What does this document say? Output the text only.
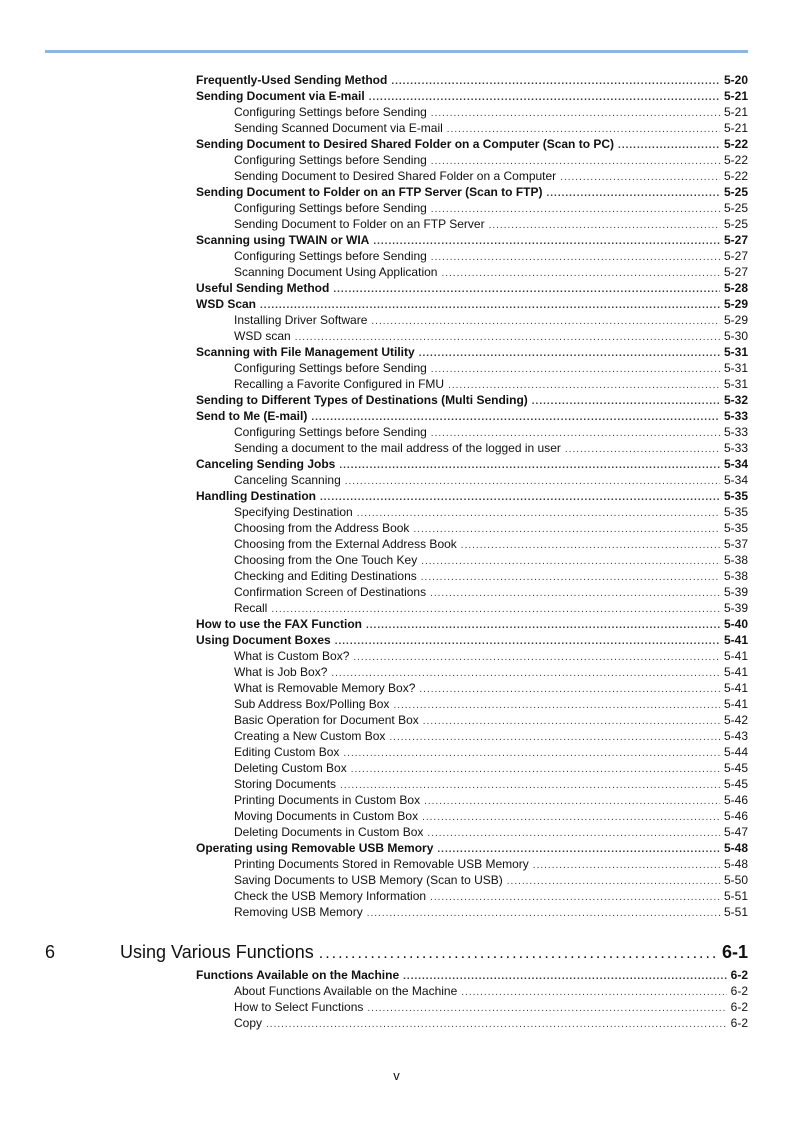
Frequently-Used Sending Method .....	5-20
Sending Document via E-mail .....	5-21
Configuring Settings before Sending .....	5-21
Sending Scanned Document via E-mail .....	5-21
Sending Document to Desired Shared Folder on a Computer (Scan to PC) .....	5-22
Configuring Settings before Sending .....	5-22
Sending Document to Desired Shared Folder on a Computer .....	5-22
Sending Document to Folder on an FTP Server (Scan to FTP) .....	5-25
Configuring Settings before Sending .....	5-25
Sending Document to Folder on an FTP Server .....	5-25
Scanning using TWAIN or WIA .....	5-27
Configuring Settings before Sending .....	5-27
Scanning Document Using Application .....	5-27
Useful Sending Method .....	5-28
WSD Scan .....	5-29
Installing Driver Software .....	5-29
WSD scan .....	5-30
Scanning with File Management Utility .....	5-31
Configuring Settings before Sending .....	5-31
Recalling a Favorite Configured in FMU .....	5-31
Sending to Different Types of Destinations (Multi Sending) .....	5-32
Send to Me (E-mail) .....	5-33
Configuring Settings before Sending .....	5-33
Sending a document to the mail address of the logged in user .....	5-33
Canceling Sending Jobs .....	5-34
Canceling Scanning .....	5-34
Handling Destination .....	5-35
Specifying Destination .....	5-35
Choosing from the Address Book .....	5-35
Choosing from the External Address Book .....	5-37
Choosing from the One Touch Key .....	5-38
Checking and Editing Destinations .....	5-38
Confirmation Screen of Destinations .....	5-39
Recall .....	5-39
How to use the FAX Function .....	5-40
Using Document Boxes .....	5-41
What is Custom Box? .....	5-41
What is Job Box? .....	5-41
What is Removable Memory Box? .....	5-41
Sub Address Box/Polling Box .....	5-41
Basic Operation for Document Box .....	5-42
Creating a New Custom Box .....	5-43
Editing Custom Box .....	5-44
Deleting Custom Box .....	5-45
Storing Documents .....	5-45
Printing Documents in Custom Box .....	5-46
Moving Documents in Custom Box .....	5-46
Deleting Documents in Custom Box .....	5-47
Operating using Removable USB Memory .....	5-48
Printing Documents Stored in Removable USB Memory .....	5-48
Saving Documents to USB Memory (Scan to USB) .....	5-50
Check the USB Memory Information .....	5-51
Removing USB Memory .....	5-51
6	Using Various Functions .....	6-1
Functions Available on the Machine .....	6-2
About Functions Available on the Machine .....	6-2
How to Select Functions .....	6-2
Copy .....	6-2
v
